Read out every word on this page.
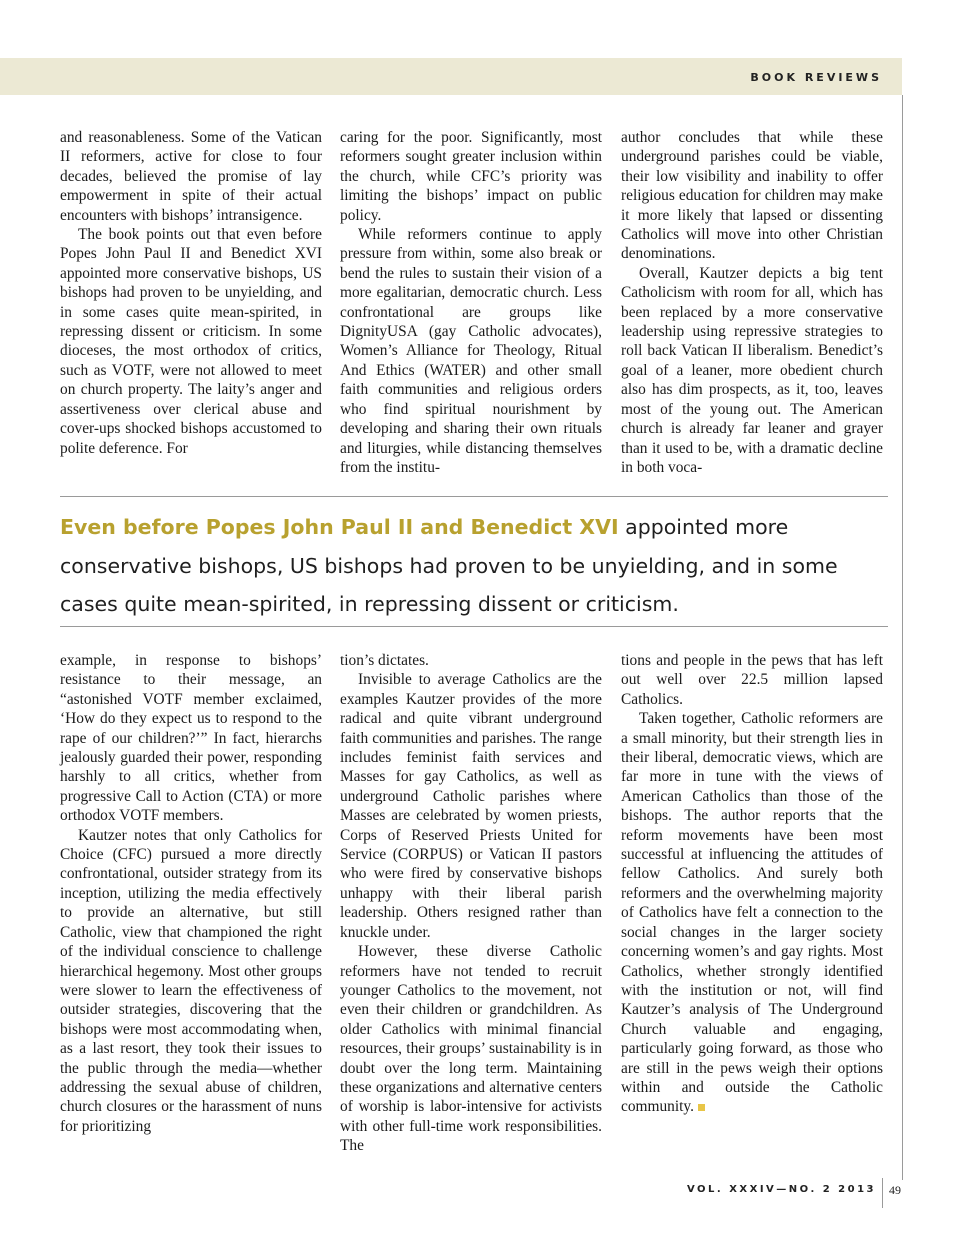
BOOK REVIEWS

and reasonableness. Some of the Vatican II reformers, active for close to four decades, believed the promise of lay empowerment in spite of their actual encounters with bishops’ intransigence.

The book points out that even before Popes John Paul II and Benedict XVI appointed more conservative bishops, US bishops had proven to be unyielding, and in some cases quite mean-spirited, in repressing dissent or criticism. In some dioceses, the most orthodox of critics, such as VOTF, were not allowed to meet on church property. The laity’s anger and assertiveness over clerical abuse and cover-ups shocked bishops accustomed to polite deference. For

caring for the poor. Significantly, most reformers sought greater inclusion within the church, while CFC’s priority was limiting the bishops’ impact on public policy.

While reformers continue to apply pressure from within, some also break or bend the rules to sustain their vision of a more egalitarian, democratic church. Less confrontational are groups like DignityUSA (gay Catholic advocates), Women’s Alliance for Theology, Ritual And Ethics (WATER) and other small faith communities and religious orders who find spiritual nourishment by developing and sharing their own rituals and liturgies, while distancing themselves from the institu-

author concludes that while these underground parishes could be viable, their low visibility and inability to offer religious education for children may make it more likely that lapsed or dissenting Catholics will move into other Christian denominations.

Overall, Kautzer depicts a big tent Catholicism with room for all, which has been replaced by a more conservative leadership using repressive strategies to roll back Vatican II liberalism. Benedict’s goal of a leaner, more obedient church also has dim prospects, as it, too, leaves most of the young out. The American church is already far leaner and grayer than it used to be, with a dramatic decline in both voca-

Even before Popes John Paul II and Benedict XVI appointed more conservative bishops, US bishops had proven to be unyielding, and in some cases quite mean-spirited, in repressing dissent or criticism.

example, in response to bishops’ resistance to their message, an “astonished VOTF member exclaimed, ‘How do they expect us to respond to the rape of our children?’” In fact, hierarchs jealously guarded their power, responding harshly to all critics, whether from progressive Call to Action (CTA) or more orthodox VOTF members.

Kautzer notes that only Catholics for Choice (CFC) pursued a more directly confrontational, outsider strategy from its inception, utilizing the media effectively to provide an alternative, but still Catholic, view that championed the right of the individual conscience to challenge hierarchical hegemony. Most other groups were slower to learn the effectiveness of outsider strategies, discovering that the bishops were most accommodating when, as a last resort, they took their issues to the public through the media—whether addressing the sexual abuse of children, church closures or the harassment of nuns for prioritizing

tion’s dictates.

Invisible to average Catholics are the examples Kautzer provides of the more radical and quite vibrant underground faith communities and parishes. The range includes feminist faith services and Masses for gay Catholics, as well as underground Catholic parishes where Masses are celebrated by women priests, Corps of Reserved Priests United for Service (CORPUS) or Vatican II pastors who were fired by conservative bishops unhappy with their liberal parish leadership. Others resigned rather than knuckle under.

However, these diverse Catholic reformers have not tended to recruit younger Catholics to the movement, not even their children or grandchildren. As older Catholics with minimal financial resources, their groups’ sustainability is in doubt over the long term. Maintaining these organizations and alternative centers of worship is labor-intensive for activists with other full-time work responsibilities. The

tions and people in the pews that has left out well over 22.5 million lapsed Catholics.

Taken together, Catholic reformers are a small minority, but their strength lies in their liberal, democratic views, which are far more in tune with the views of American Catholics than those of the bishops. The author reports that the reform movements have been most successful at influencing the attitudes of fellow Catholics. And surely both reformers and the overwhelming majority of Catholics have felt a connection to the social changes in the larger society concerning women’s and gay rights. Most Catholics, whether strongly identified with the institution or not, will find Kautzer’s analysis of The Underground Church valuable and engaging, particularly going forward, as those who are still in the pews weigh their options within and outside the Catholic community.

VOL. XXXIV—NO. 2 2013 49
